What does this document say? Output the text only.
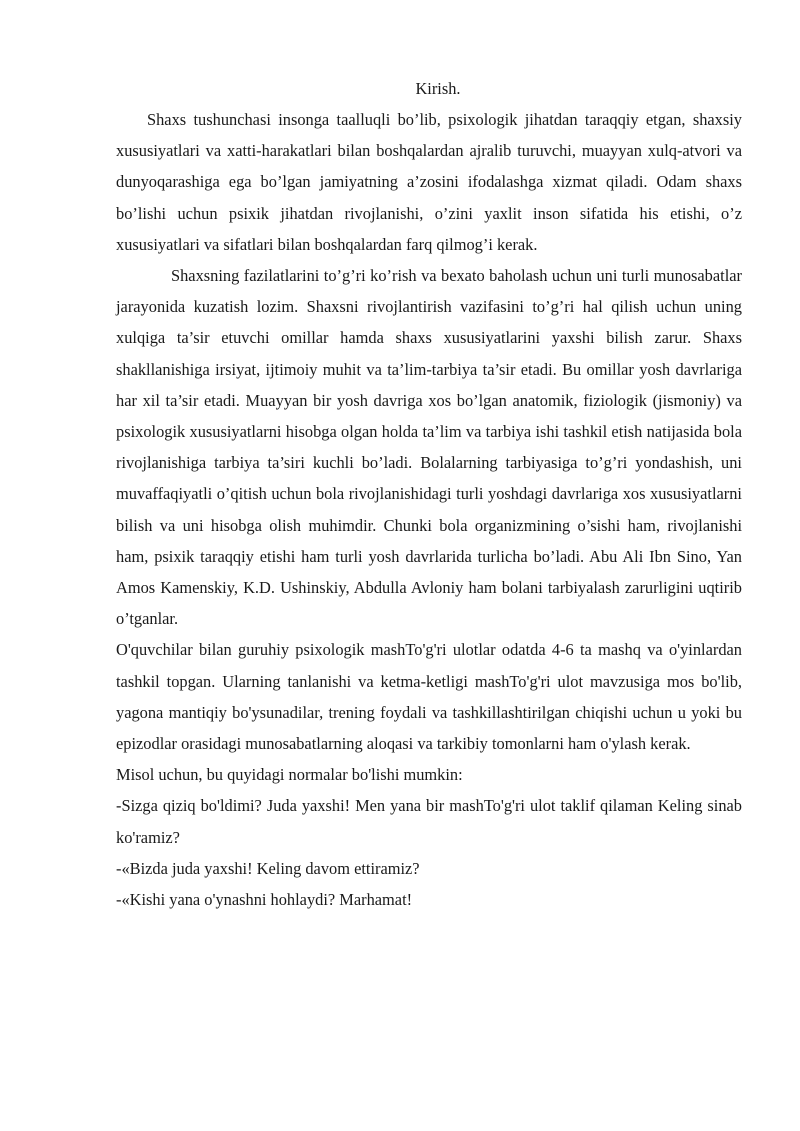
Kirish.

Shaxs tushunchasi insonga taalluqli bo’lib, psixologik jihatdan taraqqiy etgan, shaxsiy xususiyatlari va xatti-harakatlari bilan boshqalardan ajralib turuvchi, muayyan xulq-atvori va dunyoqarashiga ega bo’lgan jamiyatning a’zosini ifodalashga xizmat qiladi. Odam shaxs bo’lishi uchun psixik jihatdan rivojlanishi, o’zini yaxlit inson sifatida his etishi, o’z xususiyatlari va sifatlari bilan boshqalardan farq qilmog’i kerak.

Shaxsning fazilatlarini to’g’ri ko’rish va bexato baholash uchun uni turli munosabatlar jarayonida kuzatish lozim. Shaxsni rivojlantirish vazifasini to’g’ri hal qilish uchun uning xulqiga ta’sir etuvchi omillar hamda shaxs xususiyatlarini yaxshi bilish zarur. Shaxs shakllanishiga irsiyat, ijtimoiy muhit va ta’lim-tarbiya ta’sir etadi. Bu omillar yosh davrlariga har xil ta’sir etadi. Muayyan bir yosh davriga xos bo’lgan anatomik, fiziologik (jismoniy) va psixologik xususiyatlarni hisobga olgan holda ta’lim va tarbiya ishi tashkil etish natijasida bola rivojlanishiga tarbiya ta’siri kuchli bo’ladi. Bolalarning tarbiyasiga to’g’ri yondashish, uni muvaffaqiyatli o’qitish uchun bola rivojlanishidagi turli yoshdagi davrlariga xos xususiyatlarni bilish va uni hisobga olish muhimdir. Chunki bola organizmining o’sishi ham, rivojlanishi ham, psixik taraqqiy etishi ham turli yosh davrlarida turlicha bo’ladi. Abu Ali Ibn Sino, Yan Amos Kamenskiy, K.D. Ushinskiy, Abdulla Avloniy ham bolani tarbiyalash zarurligini uqtirib o’tganlar.

O'quvchilar bilan guruhiy psixologik mashTo'g'ri ulotlar odatda 4-6 ta mashq va o'yinlardan tashkil topgan. Ularning tanlanishi va ketma-ketligi mashTo'g'ri ulot mavzusiga mos bo'lib, yagona mantiqiy bo'ysunadilar, trening foydali va tashkillashtirilgan chiqishi uchun u yoki bu epizodlar orasidagi munosabatlarning aloqasi va tarkibiy tomonlarni ham o'ylash kerak.

Misol uchun, bu quyidagi normalar bo'lishi mumkin:

-Sizga qiziq bo'ldimi? Juda yaxshi! Men yana bir mashTo'g'ri ulot taklif qilaman Keling sinab ko'ramiz?

-«Bizda juda yaxshi! Keling davom ettiramiz?

-«Kishi yana o'ynashni hohlaydi? Marhamat!
